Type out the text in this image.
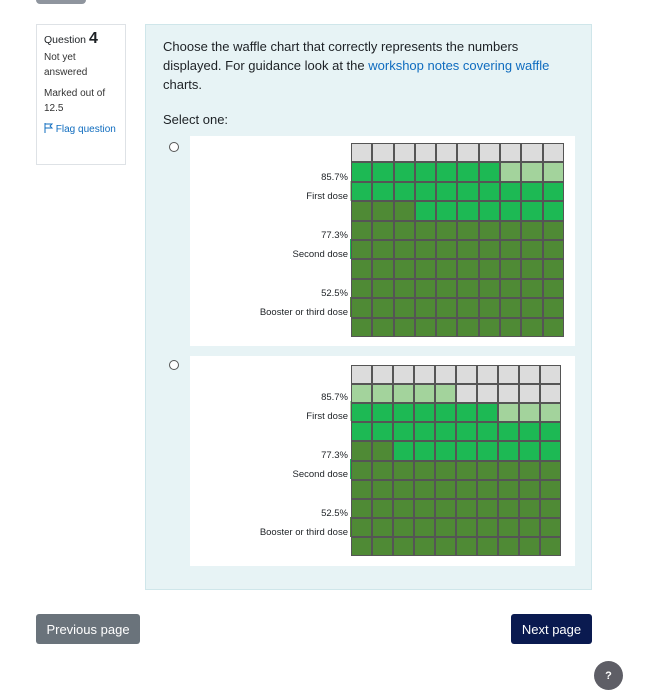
Question 4
Not yet answered
Marked out of 12.5
Flag question
Choose the waffle chart that correctly represents the numbers displayed. For guidance look at the workshop notes covering waffle charts.
Select one:
85.7%
First dose
77.3%
Second dose
52.5%
Booster or third dose
85.7%
First dose
77.3%
Second dose
52.5%
Booster or third dose
Previous page	Next page
?
